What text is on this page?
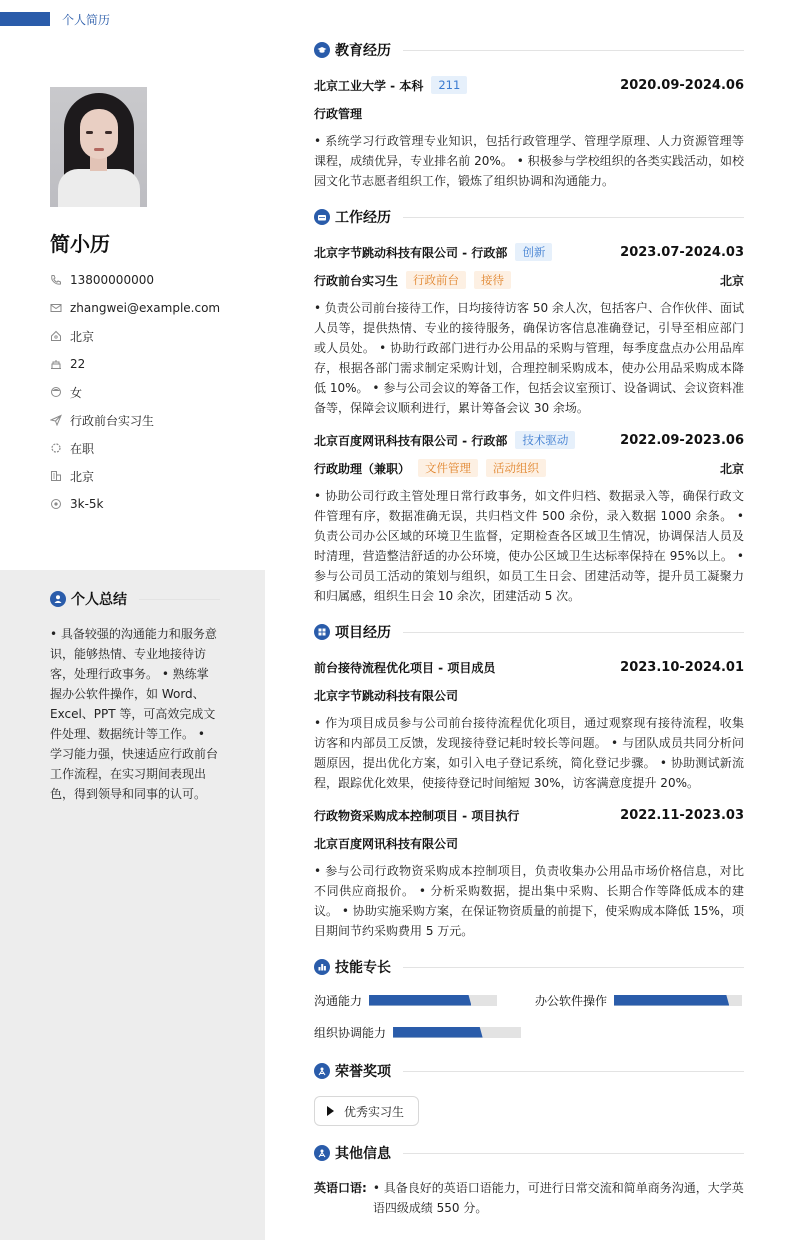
个人简历
简小历
13800000000
zhangwei@example.com
北京
22
女
行政前台实习生
在职
北京
3k-5k
个人总结
• 具备较强的沟通能力和服务意识，能够热情、专业地接待访客，处理行政事务。 • 熟练掌握办公软件操作，如 Word、Excel、PPT 等，可高效完成文件处理、数据统计等工作。 • 学习能力强，快速适应行政前台工作流程，在实习期间表现出色，得到领导和同事的认可。
教育经历
北京工业大学 - 本科	211	2020.09-2024.06
行政管理
• 系统学习行政管理专业知识，包括行政管理学、管理学原理、人力资源管理等课程，成绩优异，专业排名前 20%。 • 积极参与学校组织的各类实践活动，如校园文化节志愿者组织工作，锻炼了组织协调和沟通能力。
工作经历
北京字节跳动科技有限公司 - 行政部	创新	2023.07-2024.03
行政前台实习生	行政前台	接待	北京
• 负责公司前台接待工作，日均接待访客 50 余人次，包括客户、合作伙伴、面试人员等，提供热情、专业的接待服务，确保访客信息准确登记，引导至相应部门或人员处。 • 协助行政部门进行办公用品的采购与管理，每季度盘点办公用品库存，根据各部门需求制定采购计划，合理控制采购成本，使办公用品采购成本降低 10%。 • 参与公司会议的筹备工作，包括会议室预订、设备调试、会议资料准备等，保障会议顺利进行，累计筹备会议 30 余场。
北京百度网讯科技有限公司 - 行政部	技术驱动	2022.09-2023.06
行政助理（兼职）	文件管理	活动组织	北京
• 协助公司行政主管处理日常行政事务，如文件归档、数据录入等，确保行政文件管理有序，数据准确无误，共归档文件 500 余份，录入数据 1000 余条。 • 负责公司办公区域的环境卫生监督，定期检查各区域卫生情况，协调保洁人员及时清理，营造整洁舒适的办公环境，使办公区域卫生达标率保持在 95%以上。 • 参与公司员工活动的策划与组织，如员工生日会、团建活动等，提升员工凝聚力和归属感，组织生日会 10 余次，团建活动 5 次。
项目经历
前台接待流程优化项目 - 项目成员	2023.10-2024.01
北京字节跳动科技有限公司
• 作为项目成员参与公司前台接待流程优化项目，通过观察现有接待流程，收集访客和内部员工反馈，发现接待登记耗时较长等问题。 • 与团队成员共同分析问题原因，提出优化方案，如引入电子登记系统，简化登记步骤。 • 协助测试新流程，跟踪优化效果，使接待登记时间缩短 30%，访客满意度提升 20%。
行政物资采购成本控制项目 - 项目执行	2022.11-2023.03
北京百度网讯科技有限公司
• 参与公司行政物资采购成本控制项目，负责收集办公用品市场价格信息，对比不同供应商报价。 • 分析采购数据，提出集中采购、长期合作等降低成本的建议。 • 协助实施采购方案，在保证物资质量的前提下，使采购成本降低 15%，项目期间节约采购费用 5 万元。
技能专长
沟通能力	办公软件操作
组织协调能力
荣誉奖项
优秀实习生
其他信息
英语口语: • 具备良好的英语口语能力，可进行日常交流和简单商务沟通，大学英语四级成绩 550 分。
